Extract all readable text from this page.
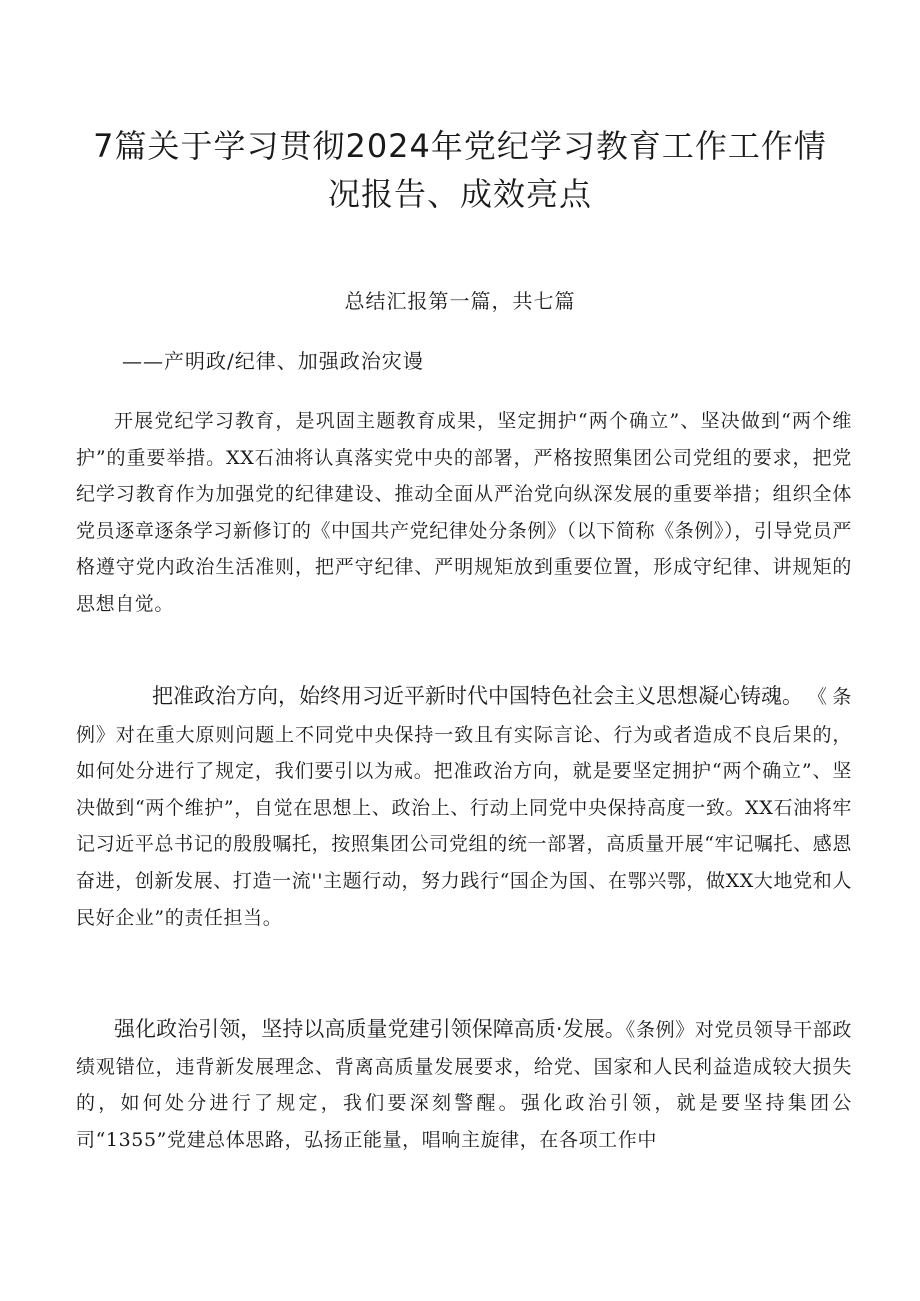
7篇关于学习贯彻2024年党纪学习教育工作工作情况报告、成效亮点
总结汇报第一篇，共七篇
——产明政/纪律、加强政治灾谩
开展党纪学习教育，是巩固主题教育成果，坚定拥护“两个确立”、坚决做到“两个维护”的重要举措。XX石油将认真落实党中央的部署，严格按照集团公司党组的要求，把党纪学习教育作为加强党的纪律建设、推动全面从严治党向纵深发展的重要举措；组织全体党员逐章逐条学习新修订的《中国共产党纪律处分条例》（以下简称《条例》），引导党员严格遵守党内政治生活准则，把严守纪律、严明规矩放到重要位置，形成守纪律、讲规矩的思想自觉。
把准政治方向，始终用习近平新时代中国特色社会主义思想凝心铸魂。《条例》对在重大原则问题上不同党中央保持一致且有实际言论、行为或者造成不良后果的，如何处分进行了规定，我们要引以为戒。把准政治方向，就是要坚定拥护“两个确立”、坚决做到“两个维护”，自觉在思想上、政治上、行动上同党中央保持高度一致。XX石油将牢记习近平总书记的殷殷嘱托，按照集团公司党组的统一部署，高质量开展“牢记嘱托、感恩奋进，创新发展、打造一流''主题行动，努力践行“国企为国、在鄂兴鄂，做XX大地党和人民好企业”的责任担当。
强化政治引领，坚持以高质量党建引领保障高质·发展。《条例》对党员领导干部政绩观错位，违背新发展理念、背离高质量发展要求，给党、国家和人民利益造成较大损失的，如何处分进行了规定，我们要深刻警醒。强化政治引领，就是要坚持集团公司“1355”党建总体思路，弘扬正能量，唱响主旋律，在各项工作中
